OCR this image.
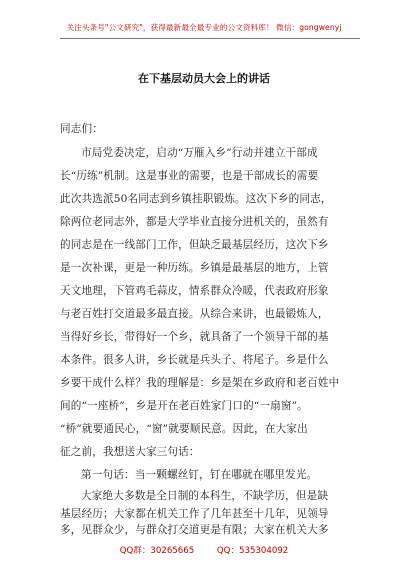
关注头条号"公文研究"，获得最新最全最专业的公文资料库！ 微信：gongwenyj
在下基层动员大会上的讲话
同志们：
市局党委决定，启动“万雁入乡”行动并建立干部成
长“历练”机制。这是事业的需要，也是干部成长的需要
此次共选派50名同志到乡镇挂职锻炼。这次下乡的同志，
除两位老同志外，都是大学毕业直接分进机关的，虽然有
的同志是在一线部门工作，但缺乏最基层经历，这次下乡
是一次补课，更是一种历练。乡镇是最基层的地方，上管
天文地理，下管鸡毛蒜皮，情系群众冷暖，代表政府形象
与老百姓打交道最多最直接。从综合来讲，也最锻炼人，
当得好乡长，带得好一个乡，就具备了一个领导干部的基
本条件。很多人讲，乡长就是兵头子、将尾子。乡是什么
乡要干成什么样？我的理解是：乡是架在乡政府和老百姓中
间的“一座桥”，乡是开在老百姓家门口的“一扇窗”。
“桥”就要通民心，“窗”就要顺民意。因此，在大家出
征之前，我想送大家三句话：
第一句话：当一颗螺丝钉，钉在哪就在哪里发光。
大家绝大多数是全日制的本科生，不缺学历，但是缺
基层经历；大家都在机关工作了几年甚至十几年，见领导
多，见群众少，与群众打交道更是有限；大家在机关大多
QQ群：30265665	QQ：535304092
